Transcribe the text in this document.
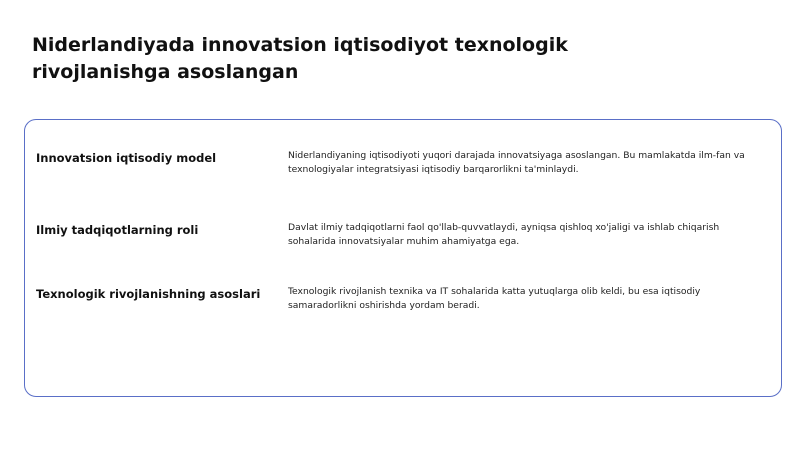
Niderlandiyada innovatsion iqtisodiyot texnologik rivojlanishga asoslangan
Innovatsion iqtisodiy model	Niderlandiyaning iqtisodiyoti yuqori darajada innovatsiyaga asoslangan. Bu mamlakatda ilm-fan va texnologiyalar integratsiyasi iqtisodiy barqarorlikni ta'minlaydi.
Ilmiy tadqiqotlarning roli	Davlat ilmiy tadqiqotlarni faol qo'llab-quvvatlaydi, ayniqsa qishloq xo'jaligi va ishlab chiqarish sohalarida innovatsiyalar muhim ahamiyatga ega.
Texnologik rivojlanishning asoslari	Texnologik rivojlanish texnika va IT sohalarida katta yutuqlarga olib keldi, bu esa iqtisodiy samaradorlikni oshirishda yordam beradi.
